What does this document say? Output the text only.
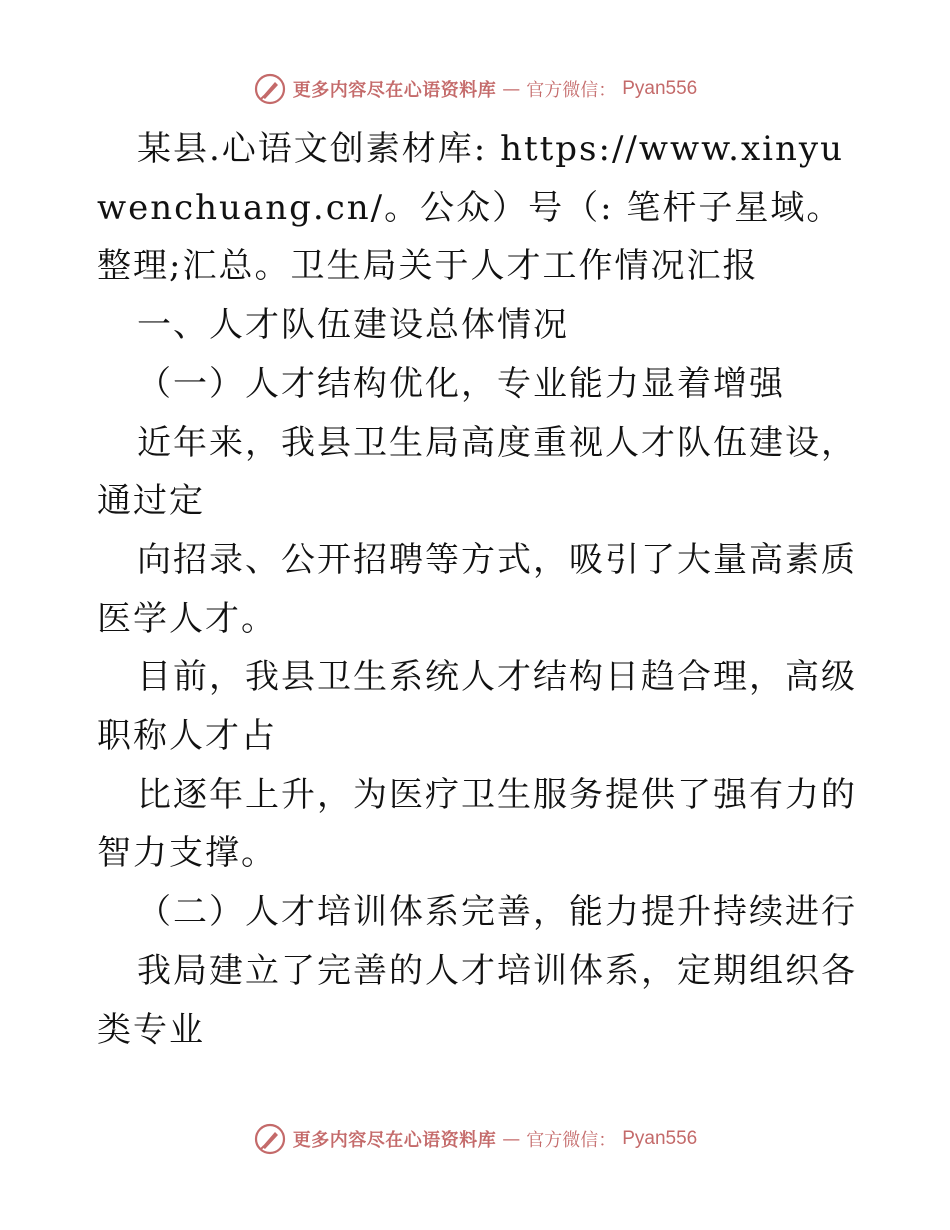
更多内容尽在心语资料库 — 官方微信： Pyan556

某县.心语文创素材库: https://www.xinyuwenchuang.cn/。公众）号（: 笔杆子星域。整理;汇总。卫生局关于人才工作情况汇报

一、人才队伍建设总体情况

（一）人才结构优化，专业能力显着增强

近年来，我县卫生局高度重视人才队伍建设，通过定

向招录、公开招聘等方式，吸引了大量高素质医学人才。

目前，我县卫生系统人才结构日趋合理，高级职称人才占

比逐年上升，为医疗卫生服务提供了强有力的智力支撑。

（二）人才培训体系完善，能力提升持续进行

我局建立了完善的人才培训体系，定期组织各类专业

更多内容尽在心语资料库 — 官方微信： Pyan556
